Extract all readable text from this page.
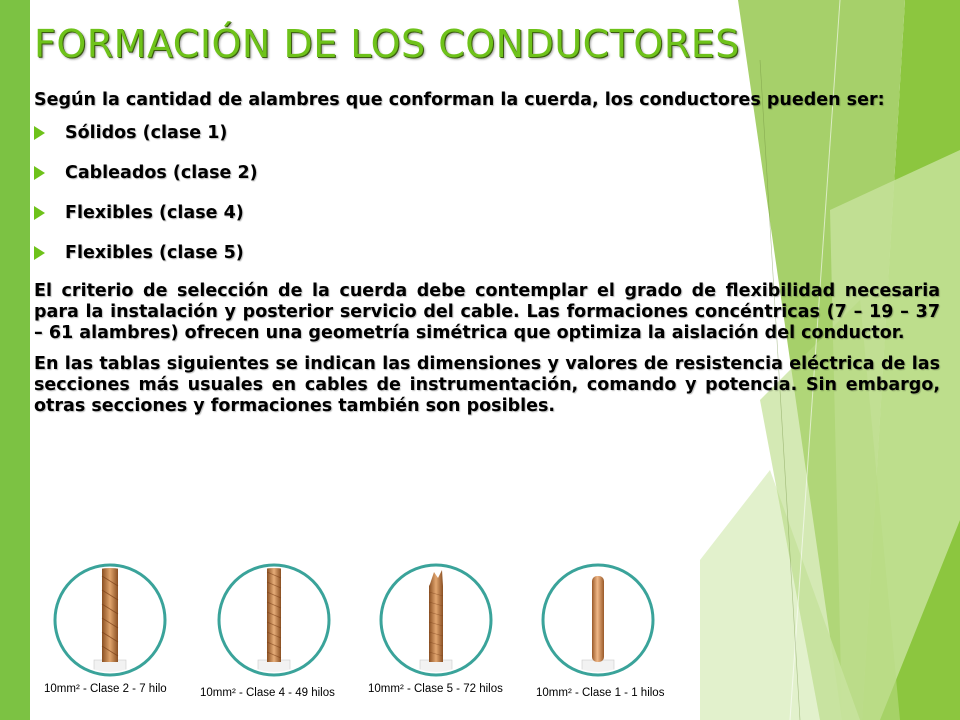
FORMACIÓN DE LOS CONDUCTORES

Según la cantidad de alambres que conforman la cuerda, los conductores pueden ser:

Sólidos (clase 1)
Cableados (clase 2)
Flexibles (clase 4)
Flexibles (clase 5)

El criterio de selección de la cuerda debe contemplar el grado de flexibilidad necesaria para la instalación y posterior servicio del cable. Las formaciones concéntricas (7 – 19 – 37 – 61 alambres) ofrecen una geometría simétrica que optimiza la aislación del conductor.

En las tablas siguientes se indican las dimensiones y valores de resistencia eléctrica de las secciones más usuales en cables de instrumentación, comando y potencia. Sin embargo, otras secciones y formaciones también son posibles.

10mm² - Clase 2 - 7 hilo	10mm² - Clase 4 - 49 hilos	10mm² - Clase 5 - 72 hilos	10mm² - Clase 1 - 1 hilos
